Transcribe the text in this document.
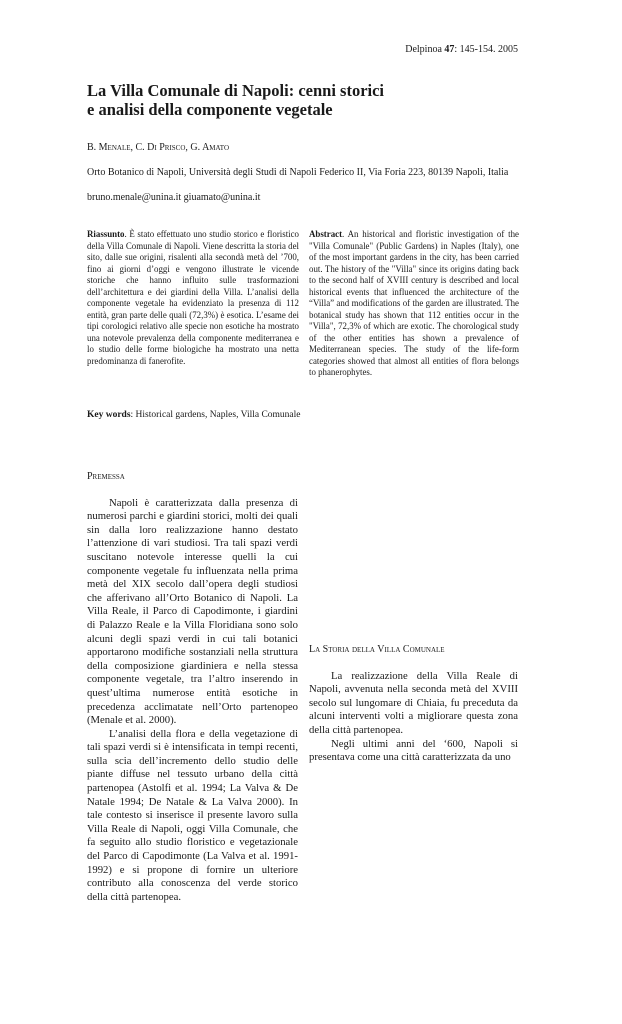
Delpinoa 47: 145-154. 2005
La Villa Comunale di Napoli: cenni storici
e analisi della componente vegetale
B. Menale, C. Di Prisco, G. Amato
Orto Botanico di Napoli, Università degli Studi di Napoli Federico II, Via Foria 223, 80139 Napoli, Italia
bruno.menale@unina.it giuamato@unina.it
Riassunto. È stato effettuato uno studio storico e floristico della Villa Comunale di Napoli. Viene descritta la storia del sito, dalle sue origini, risalenti alla secondà metà del ’700, fino ai giorni d’oggi e vengono illustrate le vicende storiche che hanno influito sulle trasformazioni dell’architettura e dei giardini della Villa. L’analisi della componente vegetale ha evidenziato la presenza di 112 entità, gran parte delle quali (72,3%) è esotica. L’esame dei tipi corologici relativo alle specie non esotiche ha mostrato una notevole prevalenza della componente mediterranea e lo studio delle forme biologiche ha mostrato una netta predominanza di fanerofite.
Abstract. An historical and floristic investigation of the "Villa Comunale" (Public Gardens) in Naples (Italy), one of the most important gardens in the city, has been carried out. The history of the "Villa" since its origins dating back to the second half of XVIII century is described and local historical events that influenced the architecture of the “Villa” and modifications of the garden are illustrated. The botanical study has shown that 112 entities occur in the "Villa", 72,3% of which are exotic. The chorological study of the other entities has shown a prevalence of Mediterranean species. The study of the life-form categories showed that almost all entities of flora belongs to phanerophytes.
Key words: Historical gardens, Naples, Villa Comunale

Premessa

Napoli è caratterizzata dalla presenza di numerosi parchi e giardini storici, molti dei quali sin dalla loro realizzazione hanno destato l’attenzione di vari studiosi. Tra tali spazi verdi suscitano notevole interesse quelli la cui componente vegetale fu influenzata nella prima metà del XIX secolo dall’opera degli studiosi che afferivano all’Orto Botanico di Napoli. La Villa Reale, il Parco di Capodimonte, i giardini di Palazzo Reale e la Villa Floridiana sono solo alcuni degli spazi verdi in cui tali botanici apportarono modifiche sostanziali nella struttura della composizione giardiniera e nella stessa componente vegetale, tra l’altro inserendo in quest’ultima numerose entità esotiche in precedenza acclimatate nell’Orto partenopeo (Menale et al. 2000).

L’analisi della flora e della vegetazione di tali spazi verdi si è intensificata in tempi recenti, sulla scia dell’incremento dello studio delle piante diffuse nel tessuto urbano della città partenopea (Astolfi et al. 1994; La Valva & De Natale 1994; De Natale & La Valva 2000). In tale contesto si inserisce il presente lavoro sulla Villa Reale di Napoli, oggi Villa Comunale, che fa seguito allo studio floristico e vegetazionale del Parco di Capodimonte (La Valva et al. 1991-1992) e si propone di fornire un ulteriore contributo alla conoscenza del verde storico della città partenopea.

La Storia della Villa Comunale

La realizzazione della Villa Reale di Napoli, avvenuta nella seconda metà del XVIII secolo sul lungomare di Chiaia, fu preceduta da alcuni interventi volti a migliorare questa zona della città partenopea.

Negli ultimi anni del ‘600, Napoli si presentava come una città caratterizzata da uno
